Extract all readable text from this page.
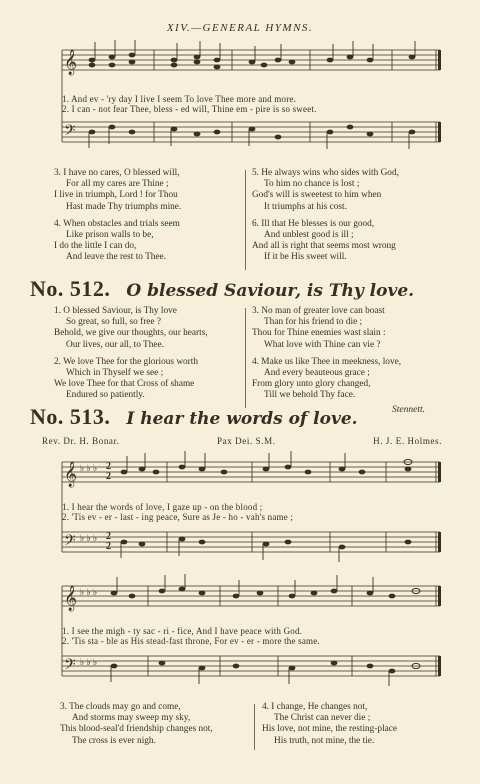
XIV.—GENERAL HYMNS.
𝄞
𝄢
1. And ev - 'ry day I live I seem To love Thee more and more.
2. I can - not fear Thee, bless - ed will, Thine em - pire is so sweet.
3. I have no cares, O blessed will,
For all my cares are Thine ;
I live in triumph, Lord ! for Thou
Hast made Thy triumphs mine.
4. When obstacles and trials seem
Like prison walls to be,
I do the little I can do,
And leave the rest to Thee.
5. He always wins who sides with God,
To him no chance is lost ;
God's will is sweetest to him when
It triumphs at his cost.
6. Ill that He blesses is our good,
And unblest good is ill ;
And all is right that seems most wrong
If it be His sweet will.
No. 512. O blessed Saviour, is Thy love.
1. O blessed Saviour, is Thy love
So great, so full, so free ?
Behold, we give our thoughts, our hearts,
Our lives, our all, to Thee.
2. We love Thee for the glorious worth
Which in Thyself we see ;
We love Thee for that Cross of shame
Endured so patiently.
3. No man of greater love can boast
Than for his friend to die ;
Thou for Thine enemies wast slain :
What love with Thine can vie ?
4. Make us like Thee in meekness, love,
And every beauteous grace ;
From glory unto glory changed,
Till we behold Thy face.
Stennett.
No. 513. I hear the words of love.
Rev. Dr. H. Bonar.	Pax Dei. S.M.	H. J. E. Holmes.
𝄞
𝄢
♭ ♭ ♭
♭ ♭ ♭
2
2
2
2
1. I hear the words of love, I gaze up - on the blood ;
2. 'Tis ev - er - last - ing peace, Sure as Je - ho - vah's name ;
𝄞
𝄢
♭ ♭ ♭
♭ ♭ ♭
1. I see the migh - ty sac - ri - fice, And I have peace with God.
2. 'Tis sta - ble as His stead-fast throne, For ev - er - more the same.
3. The clouds may go and come,
And storms may sweep my sky,
This blood-seal'd friendship changes not,
The cross is ever nigh.
4. I change, He changes not,
The Christ can never die ;
His love, not mine, the resting-place
His truth, not mine, the tie.
